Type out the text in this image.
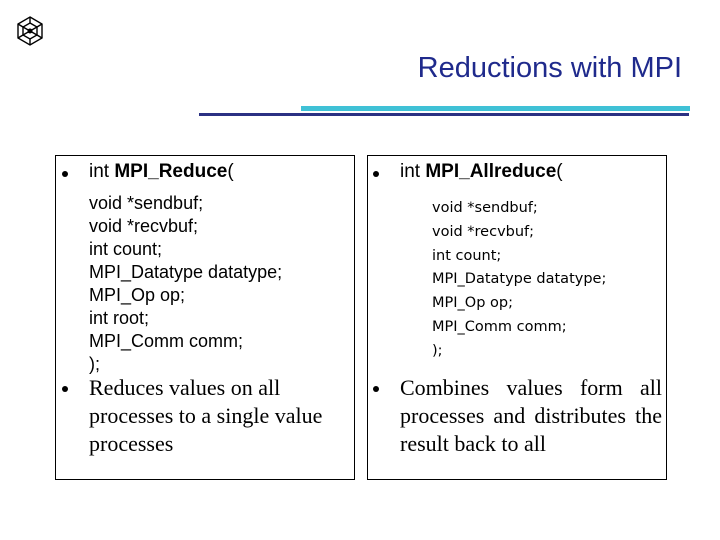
Reductions with MPI
int MPI_Reduce(
void *sendbuf;
void *recvbuf;
int count;
MPI_Datatype datatype;
MPI_Op op;
int root;
MPI_Comm comm;
);
Reduces values on all processes to a single value processes
int MPI_Allreduce(
void *sendbuf;
void *recvbuf;
int count;
MPI_Datatype datatype;
MPI_Op op;
MPI_Comm comm;
);
Combines values form all processes and distributes the result back to all
